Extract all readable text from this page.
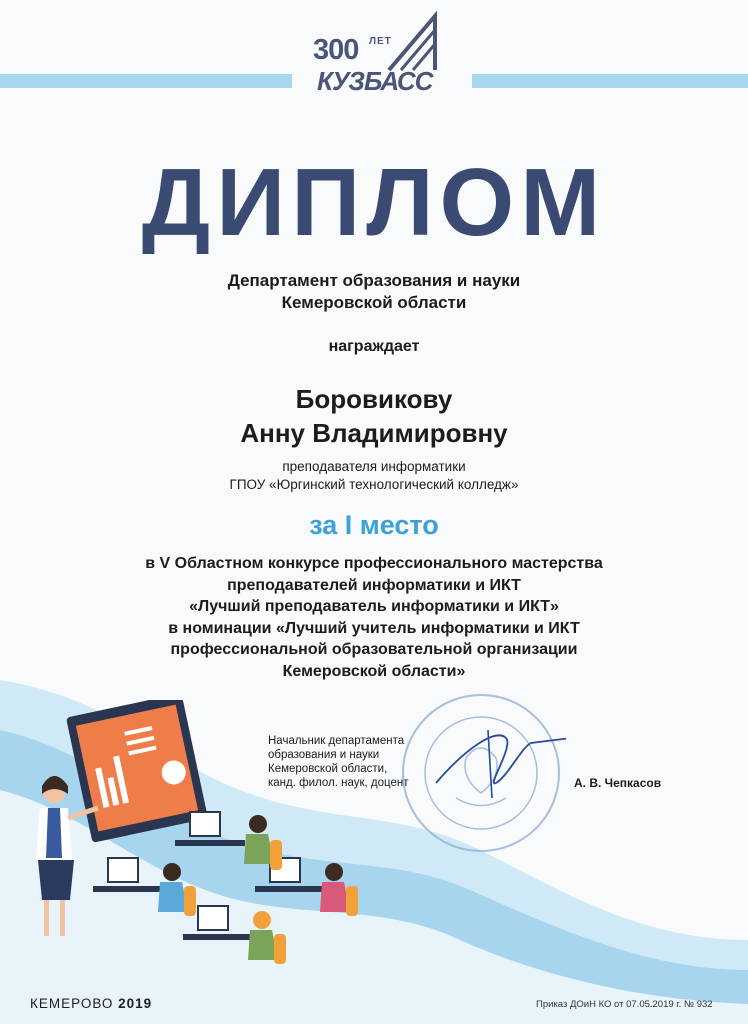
300 ЛЕТ
КУЗБАСС
ДИПЛОМ
Департамент образования и науки
Кемеровской области
награждает
Боровикову
Анну Владимировну
преподавателя информатики
ГПОУ «Юргинский технологический колледж»
за I место
в V Областном конкурсе профессионального мастерства
преподавателей информатики и ИКТ
«Лучший преподаватель информатики и ИКТ»
в номинации «Лучший учитель информатики и ИКТ
профессиональной образовательной организации
Кемеровской области»
Начальник департамента
образования и науки
Кемеровской области,
канд. филол. наук, доцент	А. В. Чепкасов
КЕМЕРОВО 2019	Приказ ДОиН КО от 07.05.2019 г. № 932
